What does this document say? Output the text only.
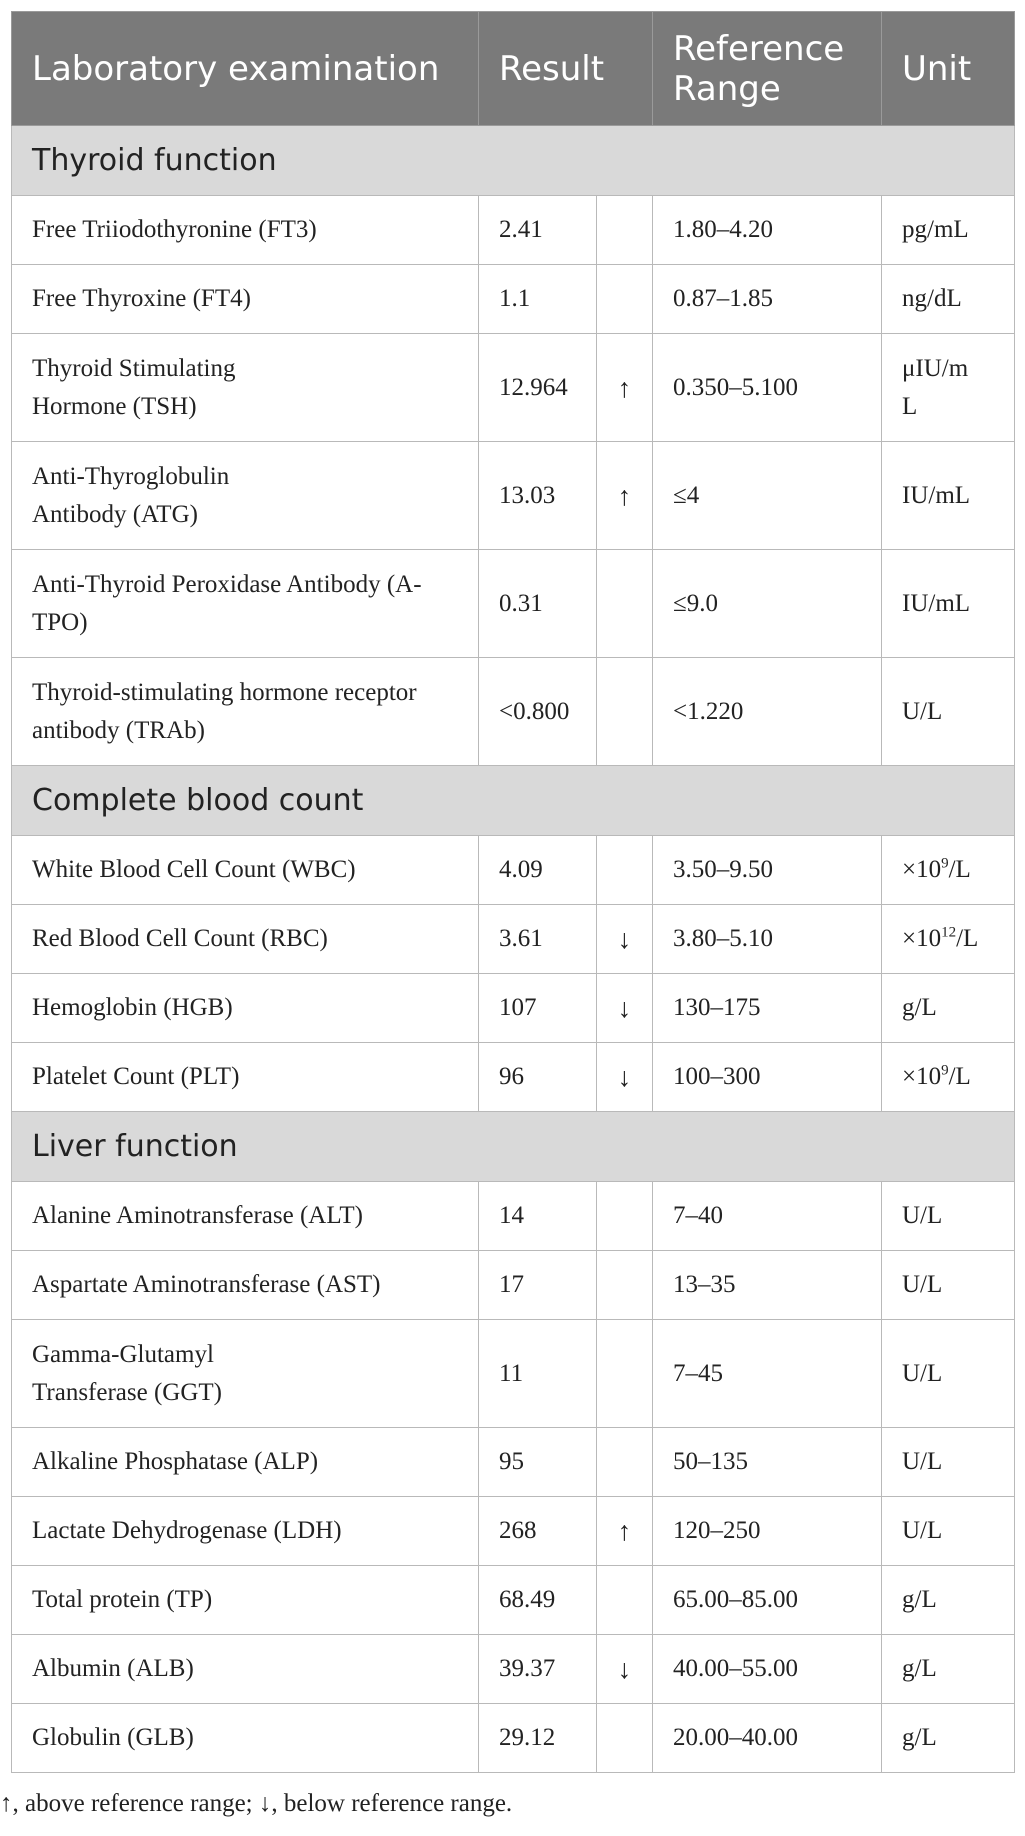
Laboratory examination	Result		Reference Range	Unit
Thyroid function				
Free Triiodothyronine (FT3)	2.41		1.80–4.20	pg/mL
Free Thyroxine (FT4)	1.1		0.87–1.85	ng/dL
Thyroid Stimulating Hormone (TSH)	12.964	↑	0.350–5.100	μIU/mL
Anti-Thyroglobulin Antibody (ATG)	13.03	↑	≤4	IU/mL
Anti-Thyroid Peroxidase Antibody (A-TPO)	0.31		≤9.0	IU/mL
Thyroid-stimulating hormone receptor antibody (TRAb)	<0.800		<1.220	U/L
Complete blood count				
White Blood Cell Count (WBC)	4.09		3.50–9.50	$\times 10^9/L$
Red Blood Cell Count (RBC)	3.61	↓	3.80–5.10	$\times 10^{12}/L$
Hemoglobin (HGB)	107	↓	130–175	g/L
Platelet Count (PLT)	96	↓	100–300	$\times 10^9/L$
Liver function				
Alanine Aminotransferase (ALT)	14		7–40	U/L
Aspartate Aminotransferase (AST)	17		13–35	U/L
Gamma-Glutamyl Transferase (GGT)	11		7–45	U/L
Alkaline Phosphatase (ALP)	95		50–135	U/L
Lactate Dehydrogenase (LDH)	268	↑	120–250	U/L
Total protein (TP)	68.49		65.00–85.00	g/L
Albumin (ALB)	39.37	↓	40.00–55.00	g/L
Globulin (GLB)	29.12		20.00–40.00	g/L
↑, above reference range; ↓, below reference range.
